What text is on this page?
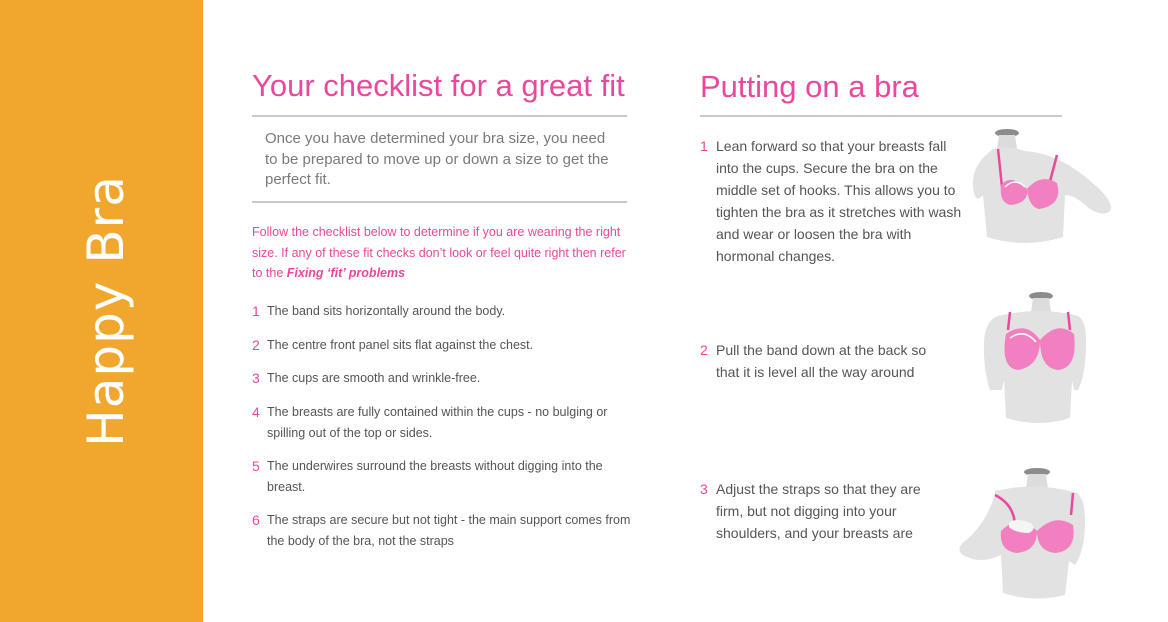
Happy Bra
Your checklist for a great fit
Once you have determined your bra size, you need to be prepared to move up or down a size to get the perfect fit.
Follow the checklist below to determine if you are wearing the right size. If any of these fit checks don’t look or feel quite right then refer to the Fixing ‘fit’ problems
1 The band sits horizontally around the body.
2 The centre front panel sits flat against the chest.
3 The cups are smooth and wrinkle-free.
4 The breasts are fully contained within the cups - no bulging or spilling out of the top or sides.
5 The underwires surround the breasts without digging into the breast.
6 The straps are secure but not tight - the main support comes from the body of the bra, not the straps
Putting on a bra
1 Lean forward so that your breasts fall into the cups. Secure the bra on the middle set of hooks. This allows you to tighten the bra as it stretches with wash and wear or loosen the bra with hormonal changes.
2 Pull the band down at the back so that it is level all the way around
3 Adjust the straps so that they are firm, but not digging into your shoulders, and your breasts are
